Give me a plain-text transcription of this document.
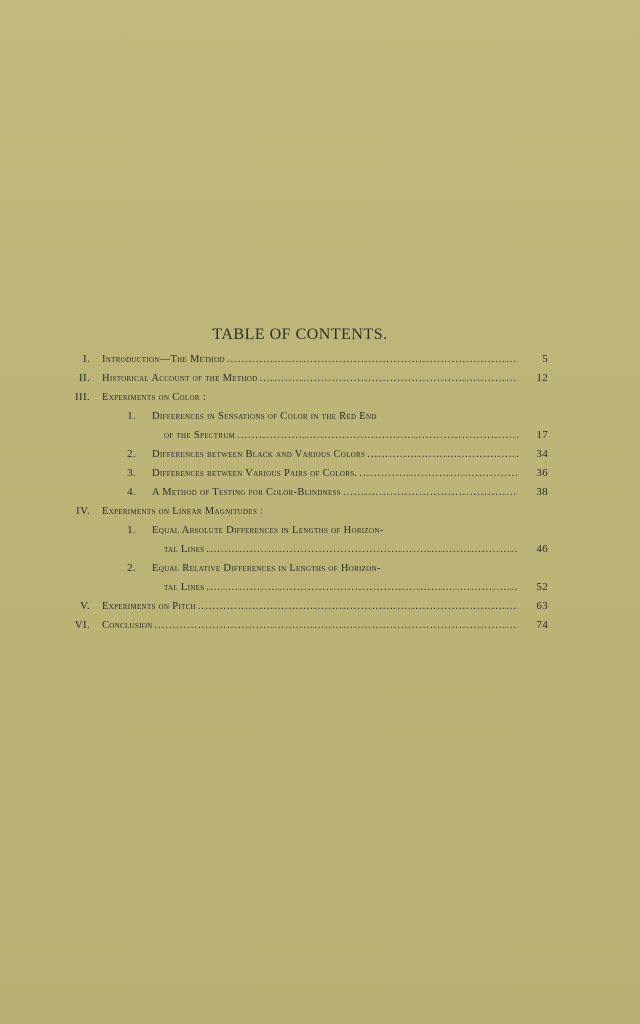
TABLE OF CONTENTS.
I. Introduction—The Method .....	5
II. Historical Account of the Method .....	12
III. Experiments on Color :
1. Differences in Sensations of Color in the Red End
of the Spectrum .....	17
2. Differences between Black and Various Colors .....	34
3. Differences between Various Pairs of Colors. .....	36
4. A Method of Testing for Color-Blindness .....	38
IV. Experiments on Linear Magnitudes :
1. Equal Absolute Differences in Lengths of Horizon-
tal Lines .....	46
2. Equal Relative Differences in Lengths of Horizon-
tal Lines .....	52
V. Experiments on Pitch .....	63
VI. Conclusion .....	74
